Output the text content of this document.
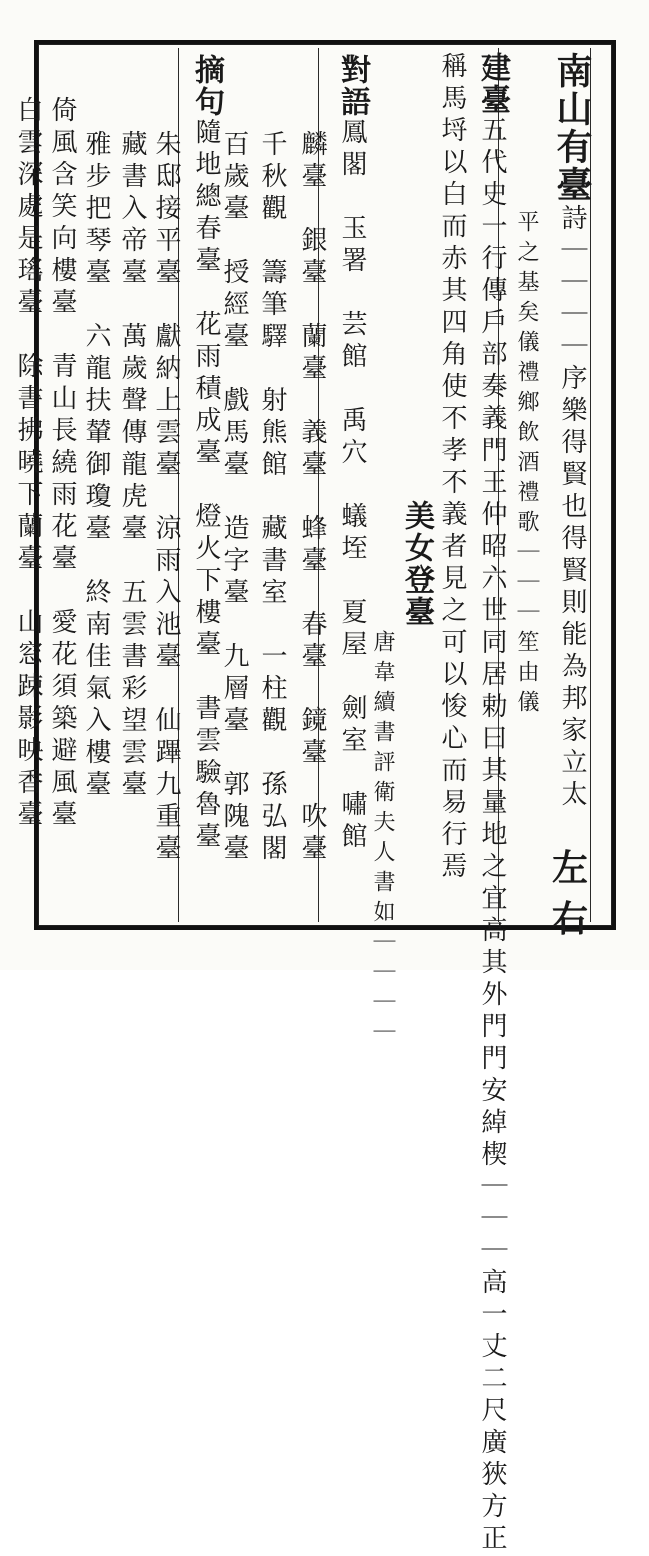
南山有臺詩｜｜｜｜序樂得賢也得賢則能為邦家立太
平之基矣儀禮鄉飲酒禮歌｜｜｜笙由儀
建臺五代史一行傳戶部奏義門王仲昭六世同居勅曰其量地之宜高其外門門安綽楔｜｜｜高一丈二尺廣狹方正
稱馬埒以白而赤其四角使不孝不義者見之可以悛心而易行焉
美女登臺
唐韋續書評衛夫人書如｜｜｜｜
對語鳳閣　玉署　芸館　禹穴　蟻垤　夏屋　劍室　嘯館
麟臺　銀臺　蘭臺　義臺　蜂臺　春臺　鏡臺　吹臺
千秋觀　籌筆驛　射熊館　藏書室　一柱觀　孫弘閣
百歲臺　授經臺　戲馬臺　造字臺　九層臺　郭隗臺
摘句隨地總春臺　花雨積成臺　燈火下樓臺　書雲驗魯臺
朱邸接平臺　獻納上雲臺　涼雨入池臺　仙蹕九重臺
藏書入帝臺　萬歲聲傳龍虎臺　五雲書彩望雲臺
雅步把琴臺　六龍扶輦御瓊臺　終南佳氣入樓臺
倚風含笑向樓臺　青山長繞雨花臺　愛花須築避風臺
白雲深處是瑤臺　除書拂曉下蘭臺　山窓踈影映香臺
左右
